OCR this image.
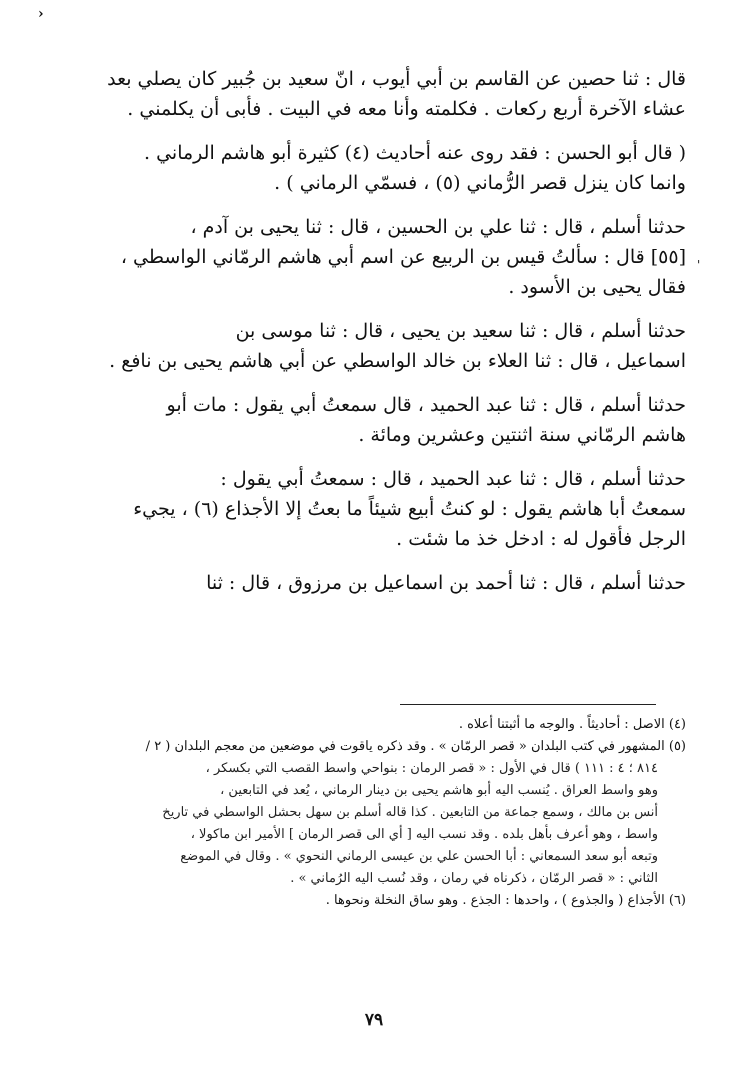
‹
'
قال : ثنا حصين عن القاسم بن أبي أيوب ، انّ سعيد بن جُبير كان يصلي بعد
عشاء الآخرة أربع ركعات . فكلمته وأنا معه في البيت . فأبى أن يكلمني .
( قال أبو الحسن : فقد روى عنه أحاديث (٤) كثيرة أبو هاشم الرماني .
وانما كان ينزل قصر الرُّماني (٥) ، فسمّي الرماني ) .
حدثنا أسلم ، قال : ثنا علي بن الحسين ، قال : ثنا يحيى بن آدم ،
[٥٥] قال : سألتُ قيس بن الربيع عن اسم أبي هاشم الرمّاني الواسطي ،
فقال يحيى بن الأسود .
حدثنا أسلم ، قال : ثنا سعيد بن يحيى ، قال : ثنا موسى بن
اسماعيل ، قال : ثنا العلاء بن خالد الواسطي عن أبي هاشم يحيى بن نافع .
حدثنا أسلم ، قال : ثنا عبد الحميد ، قال سمعتُ أبي يقول : مات أبو
هاشم الرمّاني سنة اثنتين وعشرين ومائة .
حدثنا أسلم ، قال : ثنا عبد الحميد ، قال : سمعتُ أبي يقول :
سمعتُ أبا هاشم يقول : لو كنتُ أبيع شيئاً ما بعتُ إلا الأجذاع (٦) ، يجيء
الرجل فأقول له : ادخل خذ ما شئت .
حدثنا أسلم ، قال : ثنا أحمد بن اسماعيل بن مرزوق ، قال : ثنا
(٤) الاصل : أحاديثاً . والوجه ما أثبتنا أعلاه .
(٥) المشهور في كتب البلدان « قصر الرمّان » . وقد ذكره ياقوت في موضعين من معجم البلدان ( ٢ /
٨١٤ ؛ ٤ : ١١١ ) قال في الأول : « قصر الرمان : بنواحي واسط القصب التي بكسكر ،
وهو واسط العراق . يُنسب اليه أبو هاشم يحيى بن دينار الرماني ، يُعد في التابعين ،
أنس بن مالك ، وسمع جماعة من التابعين . كذا قاله أسلم بن سهل بحشل الواسطي في تاريخ
واسط ، وهو أعرف بأهل بلده . وقد نسب اليه [ أي الى قصر الرمان ] الأمير ابن ماكولا ،
وتبعه أبو سعد السمعاني : أبا الحسن علي بن عيسى الرماني النحوي » . وقال في الموضع
الثاني : « قصر الرمّان ، ذكرناه في رمان ، وقد نُسب اليه الرُماني » .
(٦) الأجذاع ( والجذوع ) ، واحدها : الجذع . وهو ساق النخلة ونحوها .
٧٩
